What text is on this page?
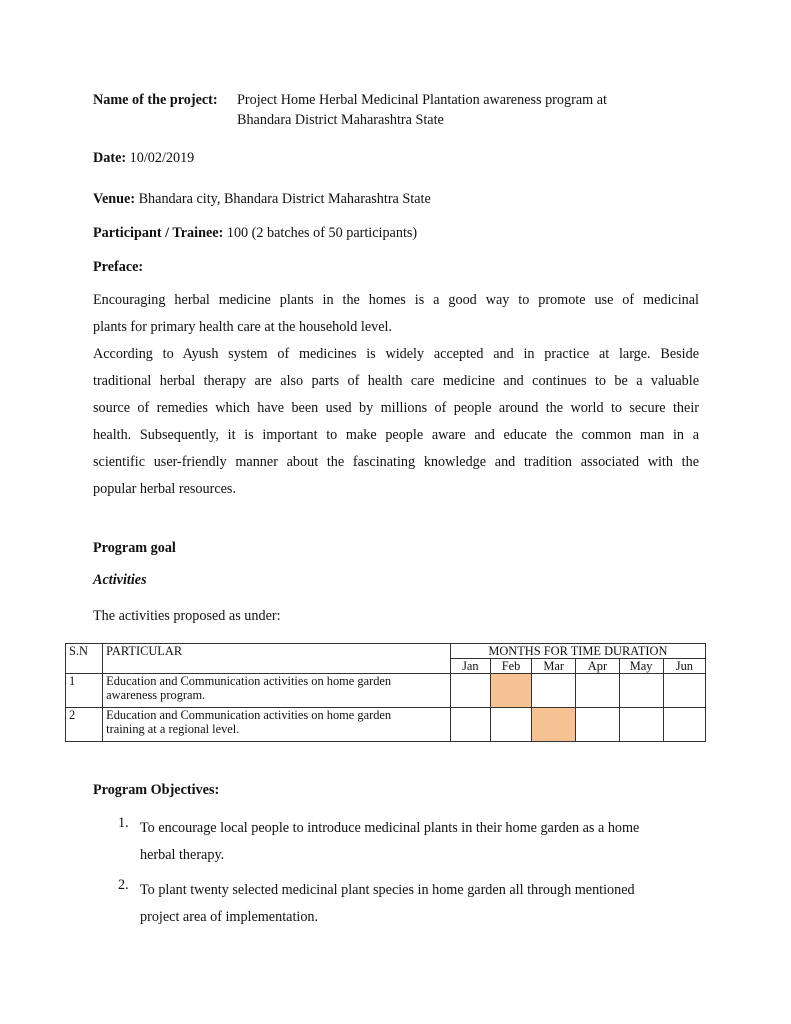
Name of the project: Project Home Herbal Medicinal Plantation awareness program at
Bhandara District Maharashtra State
Date: 10/02/2019
Venue: Bhandara city, Bhandara District Maharashtra State
Participant / Trainee: 100 (2 batches of 50 participants)
Preface:
Encouraging herbal medicine plants in the homes is a good way to promote use of medicinal
plants for primary health care at the household level.
According to Ayush system of medicines is widely accepted and in practice at large. Beside
traditional herbal therapy are also parts of health care medicine and continues to be a valuable
source of remedies which have been used by millions of people around the world to secure their
health. Subsequently, it is important to make people aware and educate the common man in a
scientific user-friendly manner about the fascinating knowledge and tradition associated with the
popular herbal resources.
Program goal
Activities
The activities proposed as under:
S.N	PARTICULAR	MONTHS FOR TIME DURATION					
		Jan	Feb	Mar	Apr	May	Jun
1	Education and Communication activities on home garden
awareness program.						

2	Education and Communication activities on home garden
training at a regional level.						

Program Objectives:
1. To encourage local people to introduce medicinal plants in their home garden as a home
herbal therapy.
2. To plant twenty selected medicinal plant species in home garden all through mentioned
project area of implementation.
